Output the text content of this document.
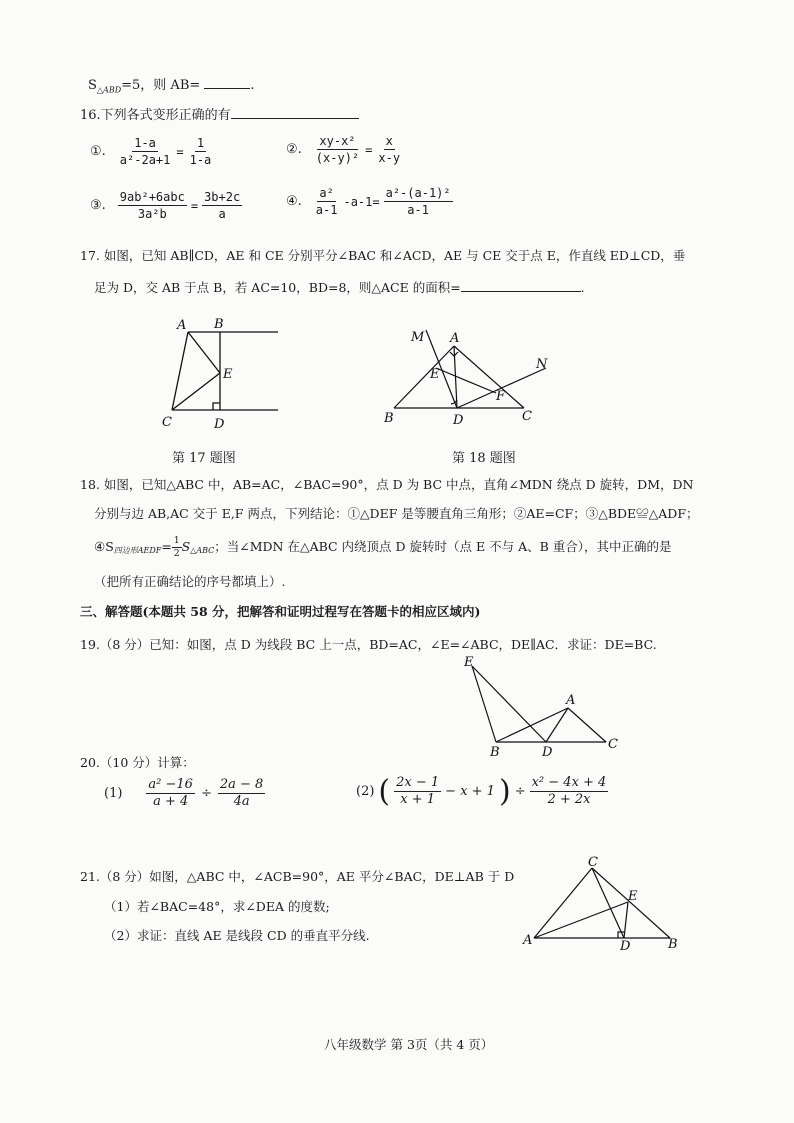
$S_{\triangle ABD}=5$，则 AB=	.
16.下列各式变形正确的有
①. $\frac{1-a}{\text{a²-2a+1}} = \frac{1}{1-a}$	②. $\frac{\text{xy-x²}}{\text{(x-y)²}} = \frac{x}{x-y}$
③. $\frac{\text{9ab²+6abc}}{\text{3a²b}} = \frac{3b+2c}{a}$	④. $\frac{\text{a²}}{a-1} -a-1= \frac{\text{a²-(a-1)²}}{a-1}$
17. 如图，已知 AB∥CD，AE 和 CE 分别平分∠BAC 和∠ACD，AE 与 CE 交于点 E，作直线 ED⊥CD，垂
足为 D，交 AB 于点 B，若 AC=10，BD=8，则△ACE 的面积=	.
A B
E
C	D
第 17 题图
M A
N
E
F
B	D	C
第 18 题图
18. 如图，已知△ABC 中，AB=AC，∠BAC=90°，点 D 为 BC 中点，直角∠MDN 绕点 D 旋转，DM，DN
分别与边 AB,AC 交于 E,F 两点，下列结论：①△DEF 是等腰直角三角形；②AE=CF；③△BDE≌△ADF；
$④S_{四边形AEDF} = \frac{1}{2} S_{\triangle ABC}$ ；当∠MDN 在△ABC 内绕顶点 D 旋转时（点 E 不与 A、B 重合），其中正确的是
（把所有正确结论的序号都填上）.
三、解答题(本题共 58 分，把解答和证明过程写在答题卡的相应区域内)
19.（8 分）已知：如图，点 D 为线段 BC 上一点，BD=AC，∠E=∠ABC，DE∥AC．求证：DE=BC.
E
A
B	D
C
20.（10 分）计算：
$(1) \frac{\text{a² −16}}{a + 4} \div \frac{2a - 8}{4a}$	(2) ( $\frac{2x - 1}{x + 1} - x + 1$ ) ÷ $\frac{\text{x² − 4x + 4}}{2 + 2x}$
21.（8 分）如图，△ABC 中，∠ACB=90°，AE 平分∠BAC，DE⊥AB 于 D
（1）若∠BAC=48°，求∠DEA 的度数;
（2）求证：直线 AE 是线段 CD 的垂直平分线.
C
E
A	D	B
八年级数学 第 3页（共 4 页）
